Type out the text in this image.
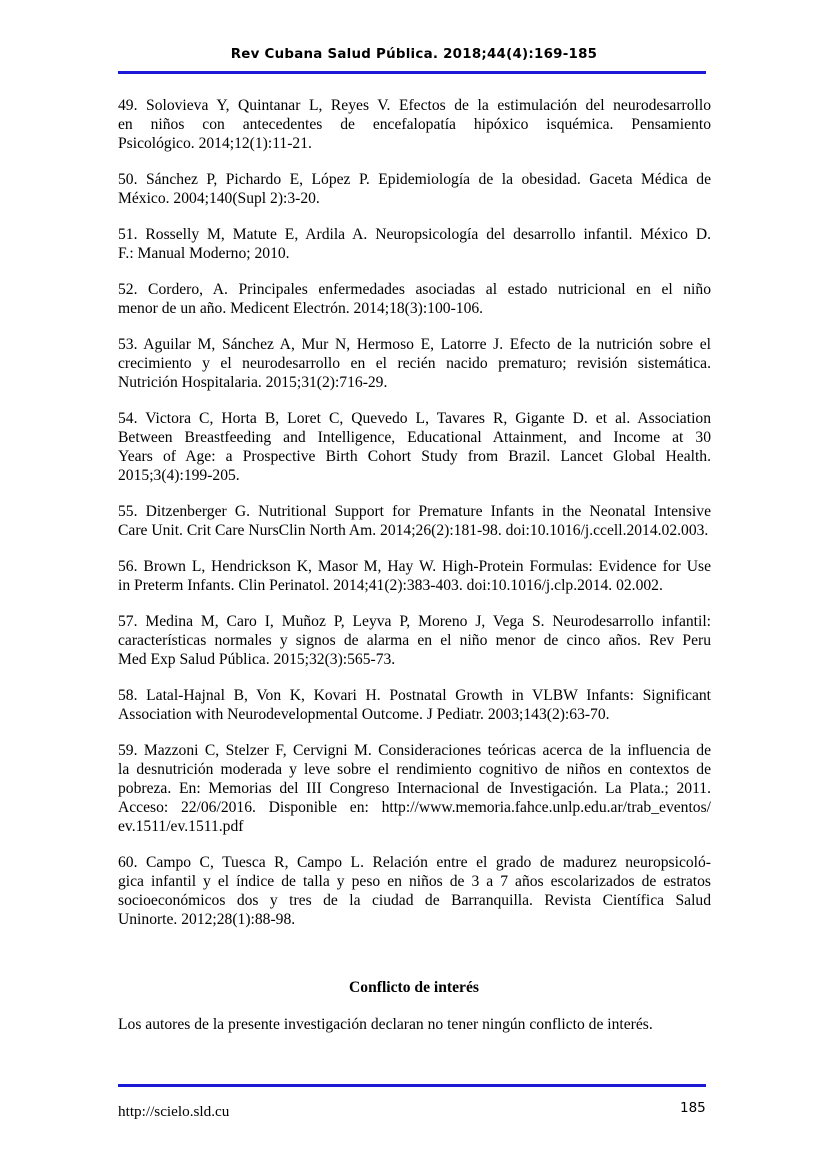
Rev Cubana Salud Pública. 2018;44(4):169-185
49. Solovieva Y, Quintanar L, Reyes V. Efectos de la estimulación del neurodesarrollo
en niños con antecedentes de encefalopatía hipóxico isquémica. Pensamiento
Psicológico. 2014;12(1):11-21.
50. Sánchez P, Pichardo E, López P. Epidemiología de la obesidad. Gaceta Médica de
México. 2004;140(Supl 2):3-20.
51. Rosselly M, Matute E, Ardila A. Neuropsicología del desarrollo infantil. México D.
F.: Manual Moderno; 2010.
52. Cordero, A. Principales enfermedades asociadas al estado nutricional en el niño
menor de un año. Medicent Electrón. 2014;18(3):100-106.
53. Aguilar M, Sánchez A, Mur N, Hermoso E, Latorre J. Efecto de la nutrición sobre el
crecimiento y el neurodesarrollo en el recién nacido prematuro; revisión sistemática.
Nutrición Hospitalaria. 2015;31(2):716-29.
54. Victora C, Horta B, Loret C, Quevedo L, Tavares R, Gigante D. et al. Association
Between Breastfeeding and Intelligence, Educational Attainment, and Income at 30
Years of Age: a Prospective Birth Cohort Study from Brazil. Lancet Global Health.
2015;3(4):199-205.
55. Ditzenberger G. Nutritional Support for Premature Infants in the Neonatal Intensive
Care Unit. Crit Care NursClin North Am. 2014;26(2):181-98. doi:10.1016/j.ccell.2014.02.003.
56. Brown L, Hendrickson K, Masor M, Hay W. High-Protein Formulas: Evidence for Use
in Preterm Infants. Clin Perinatol. 2014;41(2):383-403. doi:10.1016/j.clp.2014. 02.002.
57. Medina M, Caro I, Muñoz P, Leyva P, Moreno J, Vega S. Neurodesarrollo infantil:
características normales y signos de alarma en el niño menor de cinco años. Rev Peru
Med Exp Salud Pública. 2015;32(3):565-73.
58. Latal-Hajnal B, Von K, Kovari H. Postnatal Growth in VLBW Infants: Significant
Association with Neurodevelopmental Outcome. J Pediatr. 2003;143(2):63-70.
59. Mazzoni C, Stelzer F, Cervigni M. Consideraciones teóricas acerca de la influencia de
la desnutrición moderada y leve sobre el rendimiento cognitivo de niños en contextos de
pobreza. En: Memorias del III Congreso Internacional de Investigación. La Plata.; 2011.
Acceso: 22/06/2016. Disponible en: http://www.memoria.fahce.unlp.edu.ar/trab_eventos/
ev.1511/ev.1511.pdf
60. Campo C, Tuesca R, Campo L. Relación entre el grado de madurez neuropsicoló-
gica infantil y el índice de talla y peso en niños de 3 a 7 años escolarizados de estratos
socioeconómicos dos y tres de la ciudad de Barranquilla. Revista Científica Salud
Uninorte. 2012;28(1):88-98.
Conflicto de interés
Los autores de la presente investigación declaran no tener ningún conflicto de interés.
http://scielo.sld.cu	185
